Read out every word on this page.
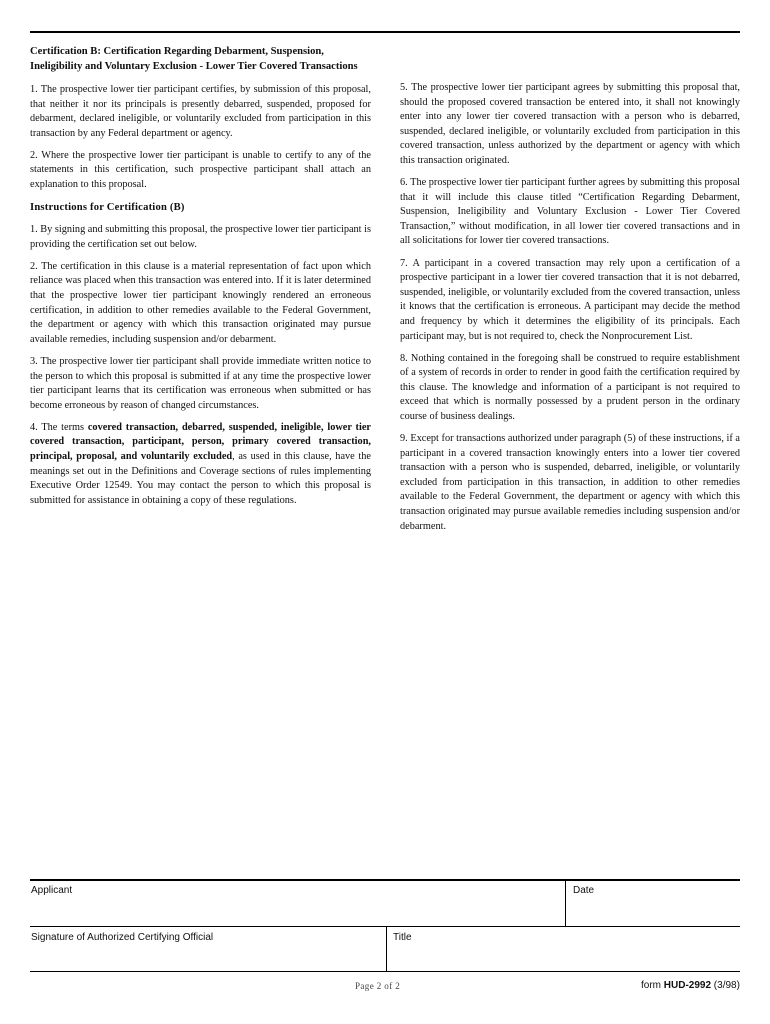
Certification B: Certification Regarding Debarment, Suspension, Ineligibility and Voluntary Exclusion - Lower Tier Covered Transactions

1. The prospective lower tier participant certifies, by submission of this proposal, that neither it nor its principals is presently debarred, suspended, proposed for debarment, declared ineligible, or voluntarily excluded from participation in this transaction by any Federal department or agency.

2. Where the prospective lower tier participant is unable to certify to any of the statements in this certification, such prospective participant shall attach an explanation to this proposal.

Instructions for Certification (B)

1. By signing and submitting this proposal, the prospective lower tier participant is providing the certification set out below.

2. The certification in this clause is a material representation of fact upon which reliance was placed when this transaction was entered into. If it is later determined that the prospective lower tier participant knowingly rendered an erroneous certification, in addition to other remedies available to the Federal Government, the department or agency with which this transaction originated may pursue available remedies, including suspension and/or debarment.

3. The prospective lower tier participant shall provide immediate written notice to the person to which this proposal is submitted if at any time the prospective lower tier participant learns that its certification was erroneous when submitted or has become erroneous by reason of changed circumstances.

4. The terms covered transaction, debarred, suspended, ineligible, lower tier covered transaction, participant, person, primary covered transaction, principal, proposal, and voluntarily excluded, as used in this clause, have the meanings set out in the Definitions and Coverage sections of rules implementing Executive Order 12549. You may contact the person to which this proposal is submitted for assistance in obtaining a copy of these regulations.

5. The prospective lower tier participant agrees by submitting this proposal that, should the proposed covered transaction be entered into, it shall not knowingly enter into any lower tier covered transaction with a person who is debarred, suspended, declared ineligible, or voluntarily excluded from participation in this covered transaction, unless authorized by the department or agency with which this transaction originated.

6. The prospective lower tier participant further agrees by submitting this proposal that it will include this clause titled “Certification Regarding Debarment, Suspension, Ineligibility and Voluntary Exclusion - Lower Tier Covered Transaction,” without modification, in all lower tier covered transactions and in all solicitations for lower tier covered transactions.

7. A participant in a covered transaction may rely upon a certification of a prospective participant in a lower tier covered transaction that it is not debarred, suspended, ineligible, or voluntarily excluded from the covered transaction, unless it knows that the certification is erroneous. A participant may decide the method and frequency by which it determines the eligibility of its principals. Each participant may, but is not required to, check the Nonprocurement List.

8. Nothing contained in the foregoing shall be construed to require establishment of a system of records in order to render in good faith the certification required by this clause. The knowledge and information of a participant is not required to exceed that which is normally possessed by a prudent person in the ordinary course of business dealings.

9. Except for transactions authorized under paragraph (5) of these instructions, if a participant in a covered transaction knowingly enters into a lower tier covered transaction with a person who is suspended, debarred, ineligible, or voluntarily excluded from participation in this transaction, in addition to other remedies available to the Federal Government, the department or agency with which this transaction originated may pursue available remedies including suspension and/or debarment.

Applicant	Date
Signature of Authorized Certifying Official	Title
Page 2 of 2	form HUD-2992 (3/98)
